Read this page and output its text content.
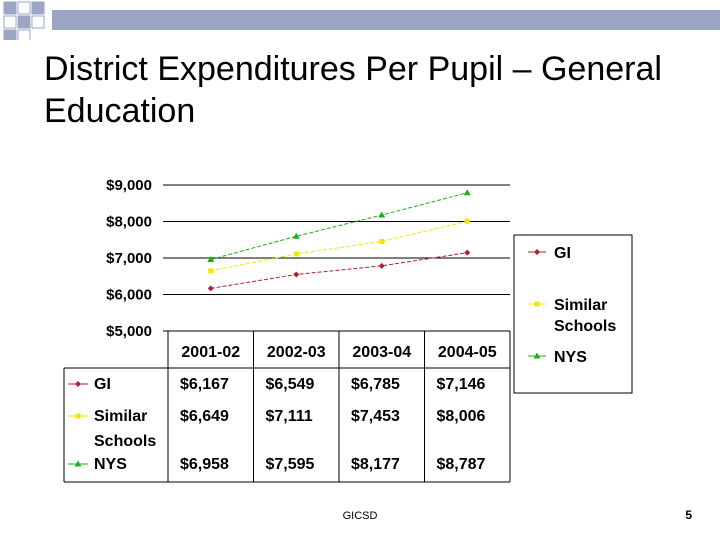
District Expenditures Per Pupil – General Education
$9,000
$8,000
$7,000
$6,000
$5,000
GI
Similar
Schools
NYS
2001-02 2002-03 2003-04 2004-05
GI	$6,167 $6,549 $6,785 $7,146
Similar
Schools
$6,649 $7,111 $7,453 $8,006
NYS	$6,958 $7,595 $8,177 $8,787
GICSD	5
